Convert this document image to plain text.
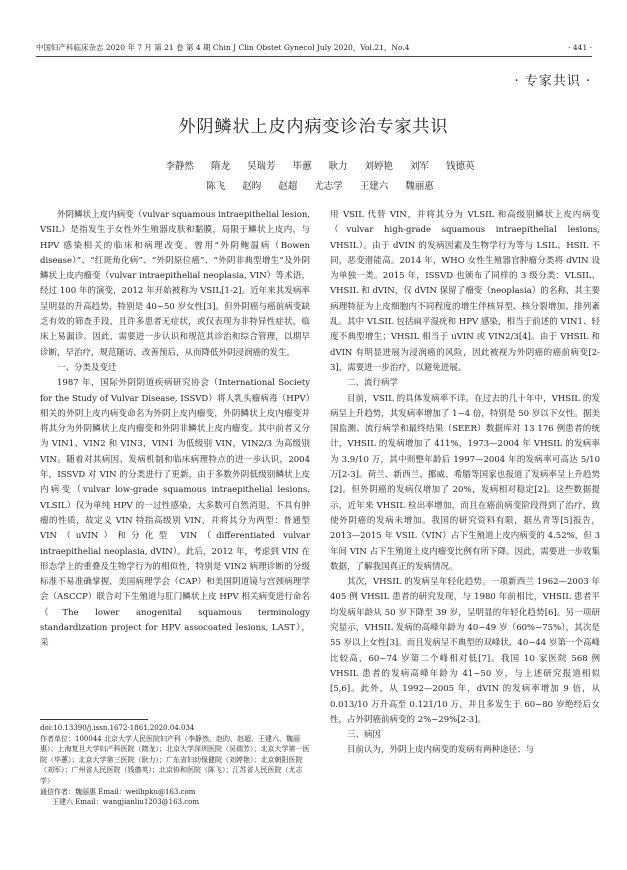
中国妇产科临床杂志 2020 年 7 月 第 21 卷 第 4 期 Chin J Clin Obstet Gynecol July 2020，Vol.21，No.4	· 441 ·
· 专家共识 ·
外阴鳞状上皮内病变诊治专家共识
李静然 隋龙 吴瑞芳 毕蕙 耿力 刘婷艳 刘军 钱德英
陈飞 赵昀 赵超 尤志学 王建六 魏丽惠

外阴鳞状上皮内病变（vulvar squamous intraepithelial lesion, VSIL）是指发生于女性外生殖器皮肤和黏膜，局限于鳞状上皮内，与 HPV 感染相关的临床和病理改变。曾用“外阴鲍温病（Bowen disease）”、“红斑角化病”、“外阴原位癌”、“外阴非典型增生”及外阴鳞状上皮内瘤变（vulvar intraepithelial neoplasia, VIN）等术语，经过 100 年的演变，2012 年开始被称为 VSIL[1-2]。近年来其发病率呈明显的升高趋势，特别是 40~50 岁女性[3]。但外阴癌与癌前病变缺乏有效的筛查手段，且许多患者无症状，或仅表现为非特异性症状，临床上易漏诊。因此，需要进一步认识和规范其诊治和综合管理，以期早诊断，早治疗，规范随访，改善预后，从而降低外阴浸润癌的发生。

一、分类及变迁

1987 年，国际外阴阴道疾病研究协会（International Society for the Study of Vulvar Disease, ISSVD）将人乳头瘤病毒（HPV）相关的外阴上皮内病变命名为外阴上皮内瘤变，外阴鳞状上皮内瘤变并将其分为外阴鳞状上皮内瘤变和外阴非鳞状上皮内瘤变。其中前者又分为 VIN1、VIN2 和 VIN3，VIN1 为低级别 VIN，VIN2/3 为高级别 VIN。随着对其病因、发病机制和临床病理特点的进一步认识，2004 年，ISSVD 对 VIN 的分类进行了更新，由于多数外阴低级别鳞状上皮内病变（vulvar low-grade squamous intraepithelial lesions, VLSIL）仅为单纯 HPV 的一过性感染，大多数可自然消退，不具有肿瘤的性质，故定义 VIN 特指高级别 VIN，并将其分为两型：普通型 VIN（uVIN）和分化型 VIN（differentiated vulvar intraepithelial neoplasia, dVIN）。此后，2012 年，考虑到 VIN 在形态学上的重叠及生物学行为的相似性，特别是 VIN2 病理诊断的分级标准不易准确掌握，美国病理学会（CAP）和美国阴道镜与宫颈病理学会（ASCCP）联合对下生殖道与肛门鳞状上皮 HPV 相关病变进行命名（The lower anogenital squamous terminology standardization project for HPV assocoated lesions, LAST），采

用 VSIL 代替 VIN，并将其分为 VLSIL 和高级别鳞状上皮内病变（vulvar high-grade squamous intraepithelial lesions, VHSIL）。由于 dVIN 的发病因素及生物学行为等与 LSIL、HSIL 不同，恶变潜能高。2014 年，WHO 女性生殖器官肿瘤分类将 dVIN 设为单独一类。2015 年，ISSVD 也颁布了同样的 3 级分类：VLSIL、VHSIL 和 dVIN，仅 dVIN 保留了瘤变（neoplasia）的名称，其主要病理特征为上皮细胞内不同程度的增生伴核异型、核分裂增加、排列紊乱。其中 VLSIL 包括扁平湿疣和 HPV 感染，相当于前述的 VIN1、轻度不典型增生；VHSIL 相当于 uVIN 或 VIN2/3[4]。由于 VHSIL 和 dVIN 有明显进展为浸润癌的风险，因此被视为外阴癌的癌前病变[2-3]，需要进一步治疗，以避免进展。

二、流行病学

目前，VSIL 的具体发病率不详。在过去的几十年中，VHSIL 的发病呈上升趋势，其发病率增加了 1~4 倍，特别是 50 岁以下女性。据美国监测、流行病学和最终结果（SEER）数据库对 13 176 例患者的统计，VHSIL 的发病增加了 411%，1973—2004 年 VHSIL 的发病率为 3.9/10 万，其中则整年龄后 1997—2004 年的发病率可高达 5/10 万[2-3]。荷兰、新西兰、挪威、希腊等国家也报道了发病率呈上升趋势[2]。但外阴癌的发病仅增加了 20%，发病相对稳定[2]。这些数据提示，近年来 VHSIL 检出率增加，而且在癌前病变阶段得到了治疗，致使外阴癌的发病未增加。我国的研究资料有限，据丛青等[5]报告，2013—2015 年 VSIL（VIN）占下生殖道上皮内病变的 4.52%，但 3 年间 VIN 占下生殖道上皮内瘤变比例有所下降。因此，需要进一步收集数据，了解我国真正的发病情况。

其次，VHSIL 的发病呈年轻化趋势。一项新西兰 1962—2003 年 405 例 VHSIL 患者的研究发现，与 1980 年前相比，VHSIL 患者平均发病年龄从 50 岁下降至 39 岁，呈明显的年轻化趋势[6]。另一项研究显示，VHSIL 发病的高峰年龄为 40~49 岁（60%~75%），其次是 55 岁以上女性[3]。而且发病呈不典型的双峰状，40~44 岁第一个高峰比较高，60~74 岁第二个峰相对低[7]。我国 10 家医院 568 例 VHSIL 患者的发病高峰年龄为 41~50 岁，与上述研究报道相似[5,6]。此外，从 1992—2005 年，dVIN 的发病率增加 9 倍，从 0.013/10 万升高至 0.121/10 万，并且多发生于 60~80 岁绝经后女性，占外阴癌前病变的 2%~29%[2-3]。

三、病因

目前认为，外阴上皮内病变的发病有两种途径；与

doi:10.13390/j.issn.1672-1861.2020.04.034

作者单位：100044 北京大学人民医院妇产科（李静然、赵昀、赵超、王建六、魏丽惠）；上海复旦大学妇产科医院（隋龙）；北京大学深圳医院（吴瑞芳）；北京大学第一医院（毕蕙）；北京大学第三医院（耿力）；广东省妇幼保健院（刘婷艳）；北京朝阳医院（刘军）；广州省人民医院（钱德英）；北京协和医院（陈飞）；江苏省人民医院（尤志学）

通信作者：魏丽惠 Email：weilhpku@163.com

王建六 Email：wangjianliu1203@163.com
